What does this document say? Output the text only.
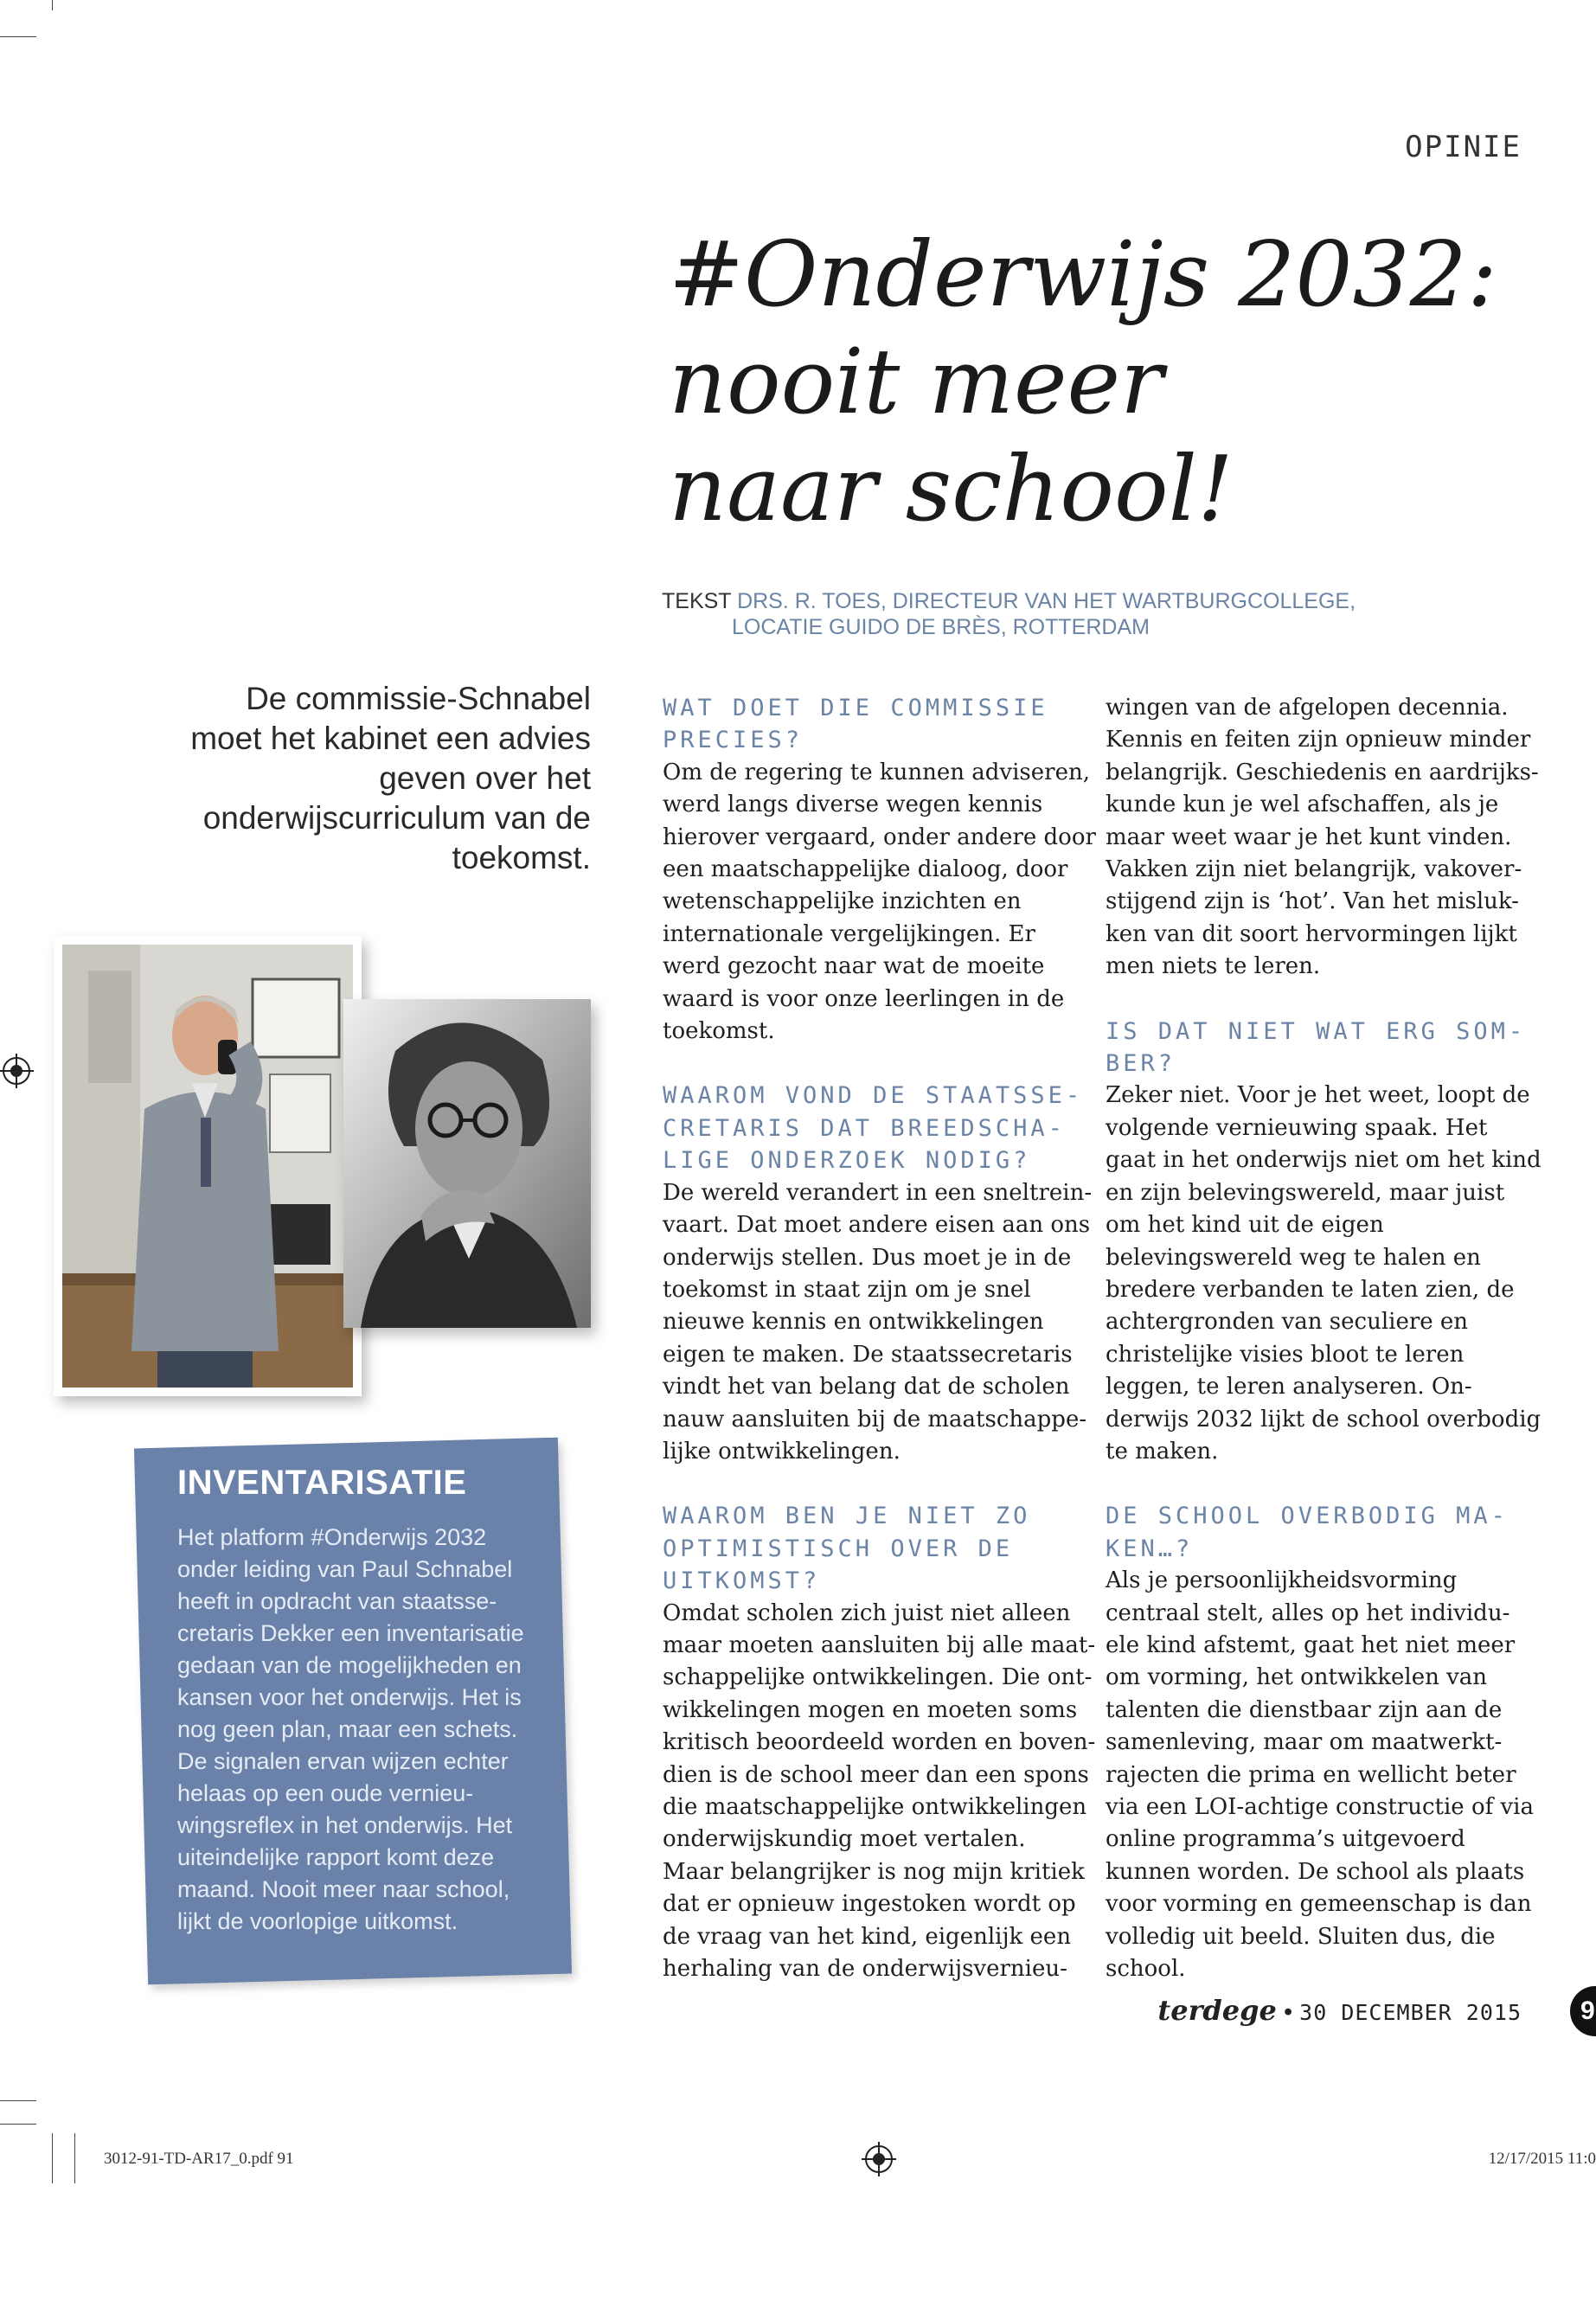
OPINIE
#Onderwijs 2032:
nooit meer
naar school!
TEKST DRS. R. TOES, DIRECTEUR VAN HET WARTBURGCOLLEGE,
LOCATIE GUIDO DE BRÈS, ROTTERDAM
De commissie-Schnabel moet het kabinet een advies geven over het onderwijscurriculum van de toekomst.
INVENTARISATIE
Het platform #Onderwijs 2032 onder leiding van Paul Schnabel heeft in opdracht van staatsse-cretaris Dekker een inventarisatie gedaan van de mogelijkheden en kansen voor het onderwijs. Het is nog geen plan, maar een schets. De signalen ervan wijzen echter helaas op een oude vernieu-wingsreflex in het onderwijs. Het uiteindelijke rapport komt deze maand. Nooit meer naar school, lijkt de voorlopige uitkomst.

WAT DOET DIE COMMISSIE PRECIES?

Om de regering te kunnen adviseren, werd langs diverse wegen kennis hierover vergaard, onder andere door een maatschappelijke dialoog, door wetenschappelijke inzichten en internationale vergelijkingen. Er werd gezocht naar wat de moeite waard is voor onze leerlingen in de toekomst.

WAAROM VOND DE STAATSSE-CRETARIS DAT BREEDSCHA-LIGE ONDERZOEK NODIG?

De wereld verandert in een sneltrein-vaart. Dat moet andere eisen aan ons onderwijs stellen. Dus moet je in de toekomst in staat zijn om je snel nieuwe kennis en ontwikkelingen eigen te maken. De staatssecretaris vindt het van belang dat de scholen nauw aansluiten bij de maatschappe-lijke ontwikkelingen.

WAAROM BEN JE NIET ZO OPTIMISTISCH OVER DE UITKOMST?

Omdat scholen zich juist niet alleen maar moeten aansluiten bij alle maat-schappelijke ontwikkelingen. Die ont-wikkelingen mogen en moeten soms kritisch beoordeeld worden en boven-dien is de school meer dan een spons die maatschappelijke ontwikkelingen onderwijskundig moet vertalen.

Maar belangrijker is nog mijn kritiek dat er opnieuw ingestoken wordt op de vraag van het kind, eigenlijk een herhaling van de onderwijsvernieu-

wingen van de afgelopen decennia. Kennis en feiten zijn opnieuw minder belangrijk. Geschiedenis en aardrijks-kunde kun je wel afschaffen, als je maar weet waar je het kunt vinden. Vakken zijn niet belangrijk, vakover-stijgend zijn is ‘hot’. Van het misluk-ken van dit soort hervormingen lijkt men niets te leren.

IS DAT NIET WAT ERG SOM-BER?

Zeker niet. Voor je het weet, loopt de volgende vernieuwing spaak. Het gaat in het onderwijs niet om het kind en zijn belevingswereld, maar juist om het kind uit de eigen belevingswereld weg te halen en bredere verbanden te laten zien, de achtergronden van seculiere en christelijke visies bloot te leren leggen, te leren analyseren. On-derwijs 2032 lijkt de school overbodig te maken.

DE SCHOOL OVERBODIG MA-KEN…?

Als je persoonlijkheidsvorming centraal stelt, alles op het individu-ele kind afstemt, gaat het niet meer om vorming, het ontwikkelen van talenten die dienstbaar zijn aan de samenleving, maar om maatwerkt-rajecten die prima en wellicht beter via een LOI-achtige constructie of via online programma’s uitgevoerd kunnen worden. De school als plaats voor vorming en gemeenschap is dan volledig uit beeld. Sluiten dus, die school.

terdege • 30 DECEMBER 2015	9
3012-91-TD-AR17_0.pdf 91	12/17/2015 11:0
